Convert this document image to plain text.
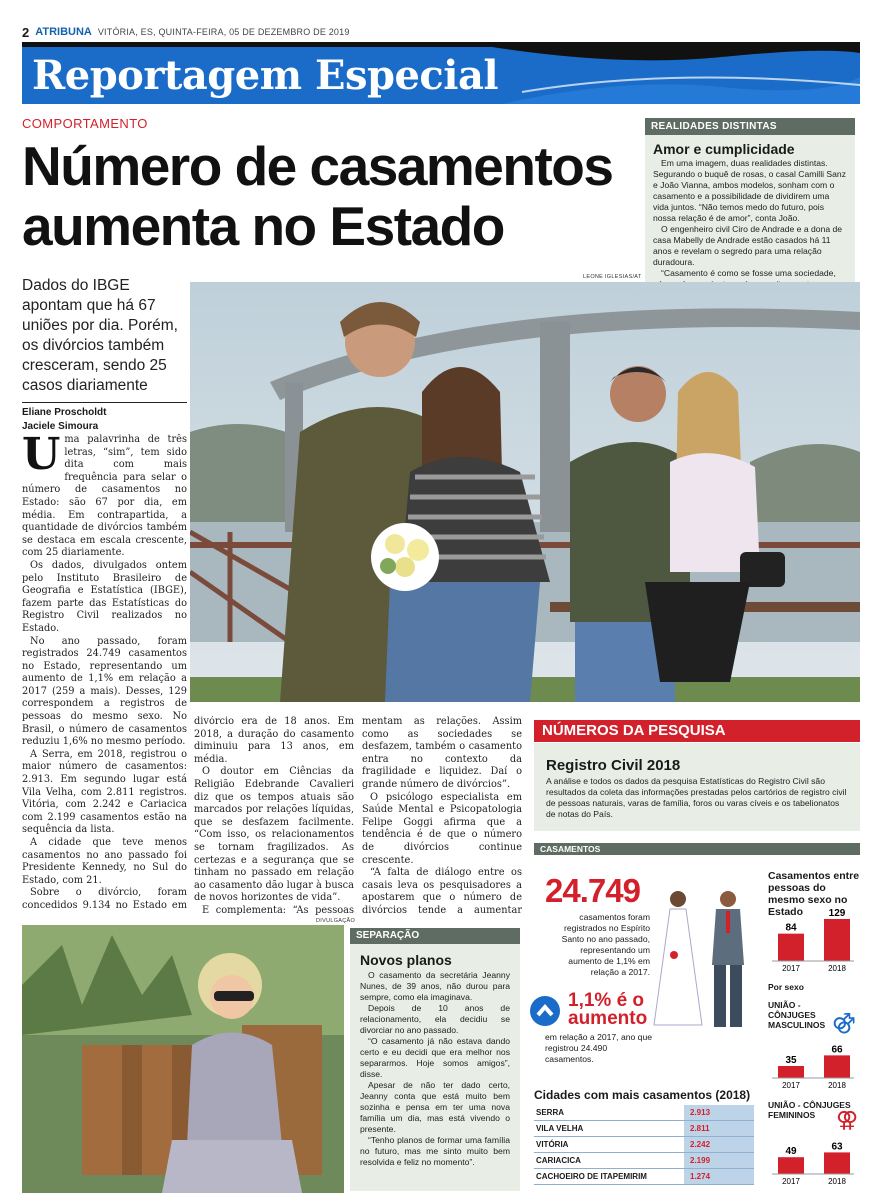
2 ATRIBUNA VITÓRIA, ES, QUINTA-FEIRA, 05 DE DEZEMBRO DE 2019
Reportagem Especial
COMPORTAMENTO
Número de casamentos aumenta no Estado
Dados do IBGE apontam que há 67 uniões por dia. Porém, os divórcios também cresceram, sendo 25 casos diariamente
Eliane Proscholdt
Jaciele Simoura

Uma palavrinha de três letras, “sim”, tem sido dita com mais frequência para selar o número de casamentos no Estado: são 67 por dia, em média. Em contrapartida, a quantidade de divórcios também se destaca em escala crescente, com 25 diariamente.

Os dados, divulgados ontem pelo Instituto Brasileiro de Geografia e Estatística (IBGE), fazem parte das Estatísticas do Registro Civil realizados no Estado.

No ano passado, foram registrados 24.749 casamentos no Estado, representando um aumento de 1,1% em relação a 2017 (259 a mais). Desses, 129 correspondem a registros de pessoas do mesmo sexo. No Brasil, o número de casamentos reduziu 1,6% no mesmo período.

A Serra, em 2018, registrou o maior número de casamentos: 2.913. Em segundo lugar está Vila Velha, com 2.811 registros. Vitória, com 2.242 e Cariacica com 2.199 casamentos estão na sequência da lista.

A cidade que teve menos casamentos no ano passado foi Presidente Kennedy, no Sul do Estado, com 21.

Sobre o divórcio, foram concedidos 9.134 no Estado em

REALIDADES DISTINTAS
Amor e cumplicidade

Em uma imagem, duas realidades distintas. Segurando o buquê de rosas, o casal Camilli Sanz e João Vianna, ambos modelos, sonham com o casamento e a possibilidade de dividirem uma vida juntos. “Não temos medo do futuro, pois nossa relação é de amor”, conta João.

O engenheiro civil Ciro de Andrade e a dona de casa Mabelly de Andrade estão casados há 11 anos e revelam o segredo para uma relação duradoura.

“Casamento é como se fosse uma sociedade,

LEONE IGLESIAS/AT

divórcio era de 18 anos. Em 2018, a duração do casamento diminuiu para 13 anos, em média.

O doutor em Ciências da Religião Edebrande Cavalieri diz que os tempos atuais são marcados por relações líquidas, que se desfazem facilmente. “Com isso, os relacionamentos se tornam fragilizados. As certezas e a segurança que se tinham no passado em relação ao casamento dão lugar à busca de novos horizontes de vida”.

E complementa: “As pessoas

mentam as relações. Assim como as sociedades se desfazem, também o casamento entra no contexto da fragilidade e liquidez. Daí o grande número de divórcios”.

O psicólogo especialista em Saúde Mental e Psicopatologia Felipe Goggi afirma que a tendência é de que o número de divórcios continue crescente.

“A falta de diálogo entre os casais leva os pesquisadores a apostarem que o número de divórcios tende a aumentar

DIVULGAÇÃO
SEPARAÇÃO
Novos planos

O casamento da secretária Jeanny Nunes, de 39 anos, não durou para sempre, como ela imaginava.

Depois de 10 anos de relacionamento, ela decidiu se divorciar no ano passado.

“O casamento já não estava dando certo e eu decidi que era melhor nos separarmos. Hoje somos amigos”, disse.

Apesar de não ter dado certo, Jeanny conta que está muito bem sozinha e pensa em ter uma nova família um dia, mas está vivendo o presente.

“Tenho planos de formar uma família no futuro, mas me sinto muito bem resolvida e feliz no momento”.

NÚMEROS DA PESQUISA
Registro Civil 2018
A análise e todos os dados da pesquisa Estatísticas do Registro Civil são resultados da coleta das informações prestadas pelos cartórios de registro civil de pessoas naturais, varas de família, foros ou varas cíveis e os tabelionatos de notas do País.
CASAMENTOS
24.749
casamentos foram registrados no Espírito Santo no ano passado, representando um aumento de 1,1% em relação a 2017.
1,1% é o
aumento
em relação a 2017, ano que registrou 24.490 casamentos.
Casamentos entre pessoas do mesmo sexo no Estado
84
2017
129
2018
Por sexo
UNIÃO - CÔNJUGES MASCULINOS ⚣
35
2017
66
2018
UNIÃO - CÔNJUGES FEMININOS ⚢
49
2017
63
2018
Cidades com mais casamentos (2018)
SERRA	2.913
VILA VELHA	2.811
VITÓRIA	2.242
CARIACICA	2.199
CACHOEIRO DE ITAPEMIRIM	1.274
